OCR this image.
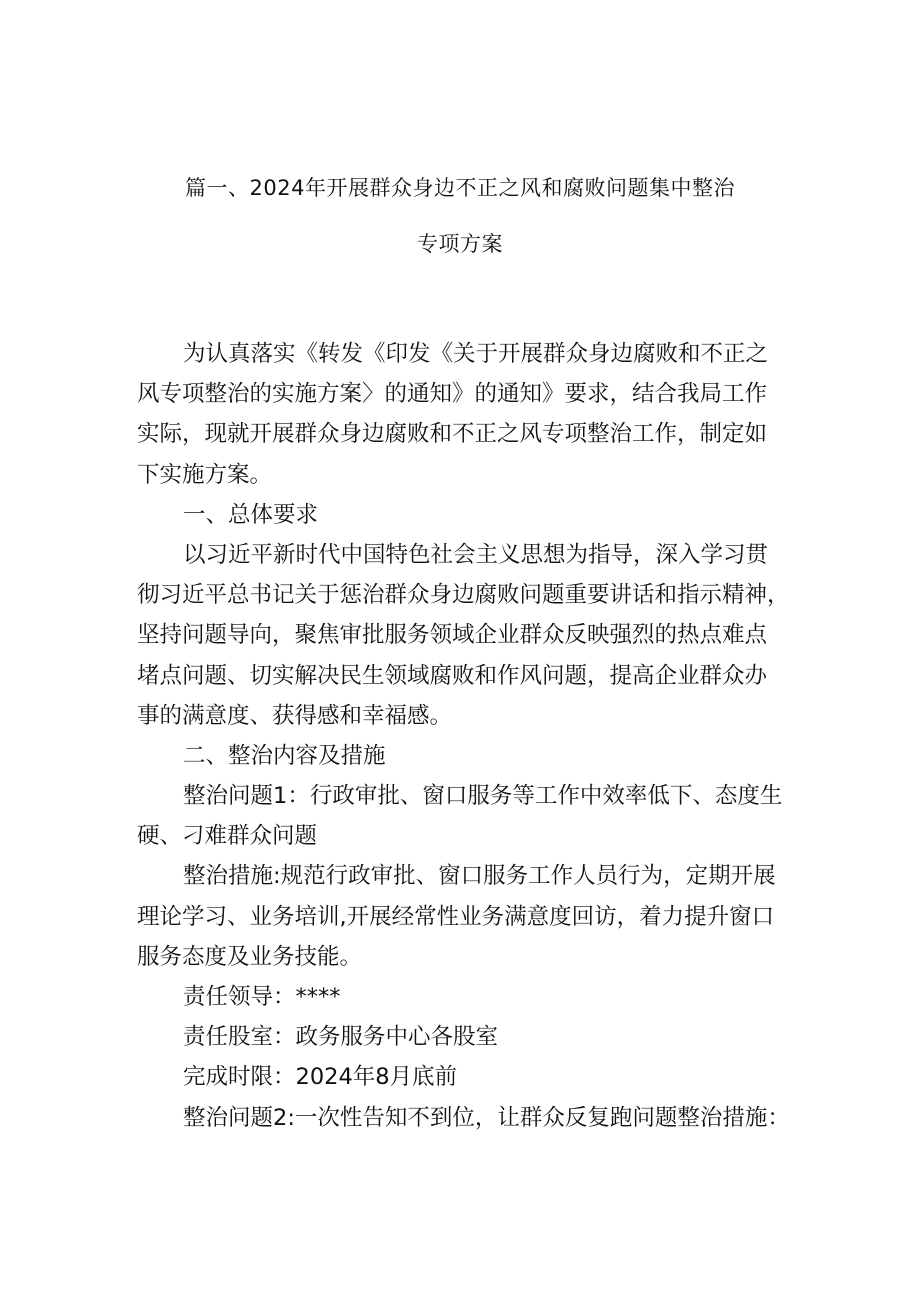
篇一、2024年开展群众身边不正之风和腐败问题集中整治
专项方案
为认真落实《转发《印发《关于开展群众身边腐败和不正之
风专项整治的实施方案〉的通知》的通知》要求，结合我局工作
实际，现就开展群众身边腐败和不正之风专项整治工作，制定如
下实施方案。
一、总体要求
以习近平新时代中国特色社会主义思想为指导，深入学习贯
彻习近平总书记关于惩治群众身边腐败问题重要讲话和指示精神，
坚持问题导向，聚焦审批服务领域企业群众反映强烈的热点难点
堵点问题、切实解决民生领域腐败和作风问题，提高企业群众办
事的满意度、获得感和幸福感。
二、整治内容及措施
整治问题1：行政审批、窗口服务等工作中效率低下、态度生
硬、刁难群众问题
整治措施:规范行政审批、窗口服务工作人员行为，定期开展
理论学习、业务培训,开展经常性业务满意度回访，着力提升窗口
服务态度及业务技能。
责任领导：****
责任股室：政务服务中心各股室
完成时限：2024年8月底前
整治问题2:一次性告知不到位，让群众反复跑问题整治措施：
